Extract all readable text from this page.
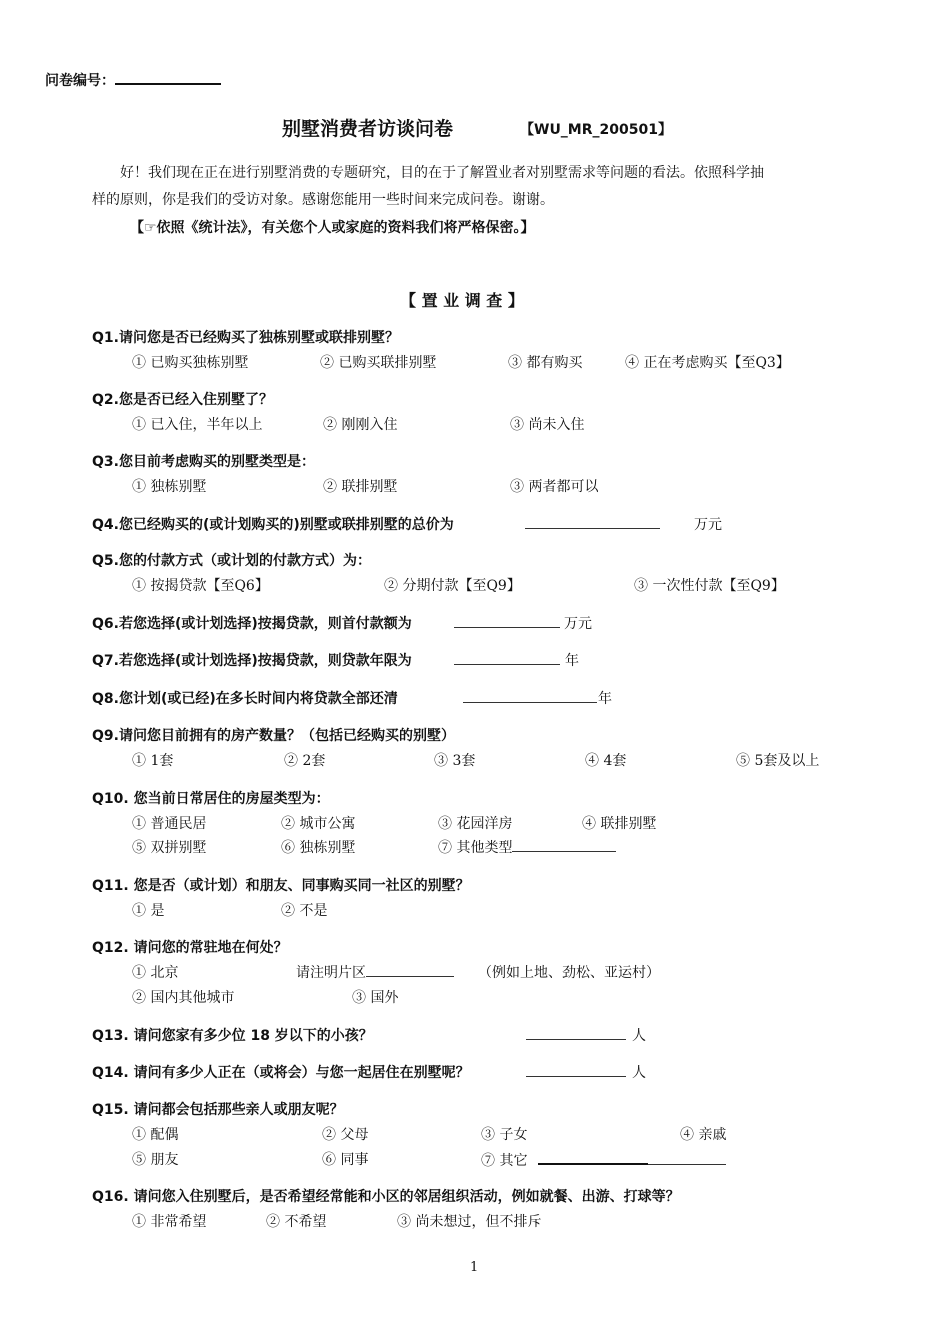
问卷编号：
别墅消费者访谈问卷	【WU_MR_200501】
好！我们现在正在进行别墅消费的专题研究，目的在于了解置业者对别墅需求等问题的看法。依照科学抽
样的原则，你是我们的受访对象。感谢您能用一些时间来完成问卷。谢谢。
【☞依照《统计法》，有关您个人或家庭的资料我们将严格保密。】
【 置 业 调 查 】
Q1.请问您是否已经购买了独栋别墅或联排别墅？
① 已购买独栋别墅	② 已购买联排别墅	③ 都有购买	④ 正在考虑购买【至Q3】
Q2.您是否已经入住别墅了？
① 已入住，半年以上	② 刚刚入住	③ 尚未入住
Q3.您目前考虑购买的别墅类型是：
① 独栋别墅	② 联排别墅	③ 两者都可以
Q4.您已经购买的(或计划购买的)别墅或联排别墅的总价为	万元
Q5.您的付款方式（或计划的付款方式）为：
① 按揭贷款【至Q6】	② 分期付款【至Q9】	③ 一次性付款【至Q9】
Q6.若您选择(或计划选择)按揭贷款，则首付款额为	万元
Q7.若您选择(或计划选择)按揭贷款，则贷款年限为	年
Q8.您计划(或已经)在多长时间内将贷款全部还清	年
Q9.请问您目前拥有的房产数量？（包括已经购买的别墅）
① 1套	② 2套	③ 3套	④ 4套	⑤ 5套及以上
Q10. 您当前日常居住的房屋类型为：
① 普通民居	② 城市公寓	③ 花园洋房	④ 联排别墅
⑤ 双拼别墅	⑥ 独栋别墅	⑦ 其他类型
Q11. 您是否（或计划）和朋友、同事购买同一社区的别墅？
① 是	② 不是
Q12. 请问您的常驻地在何处？
① 北京	请注明片区	（例如上地、劲松、亚运村）
② 国内其他城市	③ 国外
Q13. 请问您家有多少位 18 岁以下的小孩？	人
Q14. 请问有多少人正在（或将会）与您一起居住在别墅呢？	人
Q15. 请问都会包括那些亲人或朋友呢？
① 配偶	② 父母	③ 子女	④ 亲戚
⑤ 朋友	⑥ 同事	⑦ 其它
Q16. 请问您入住别墅后，是否希望经常能和小区的邻居组织活动，例如就餐、出游、打球等？
① 非常希望	② 不希望	③ 尚未想过，但不排斥
1
